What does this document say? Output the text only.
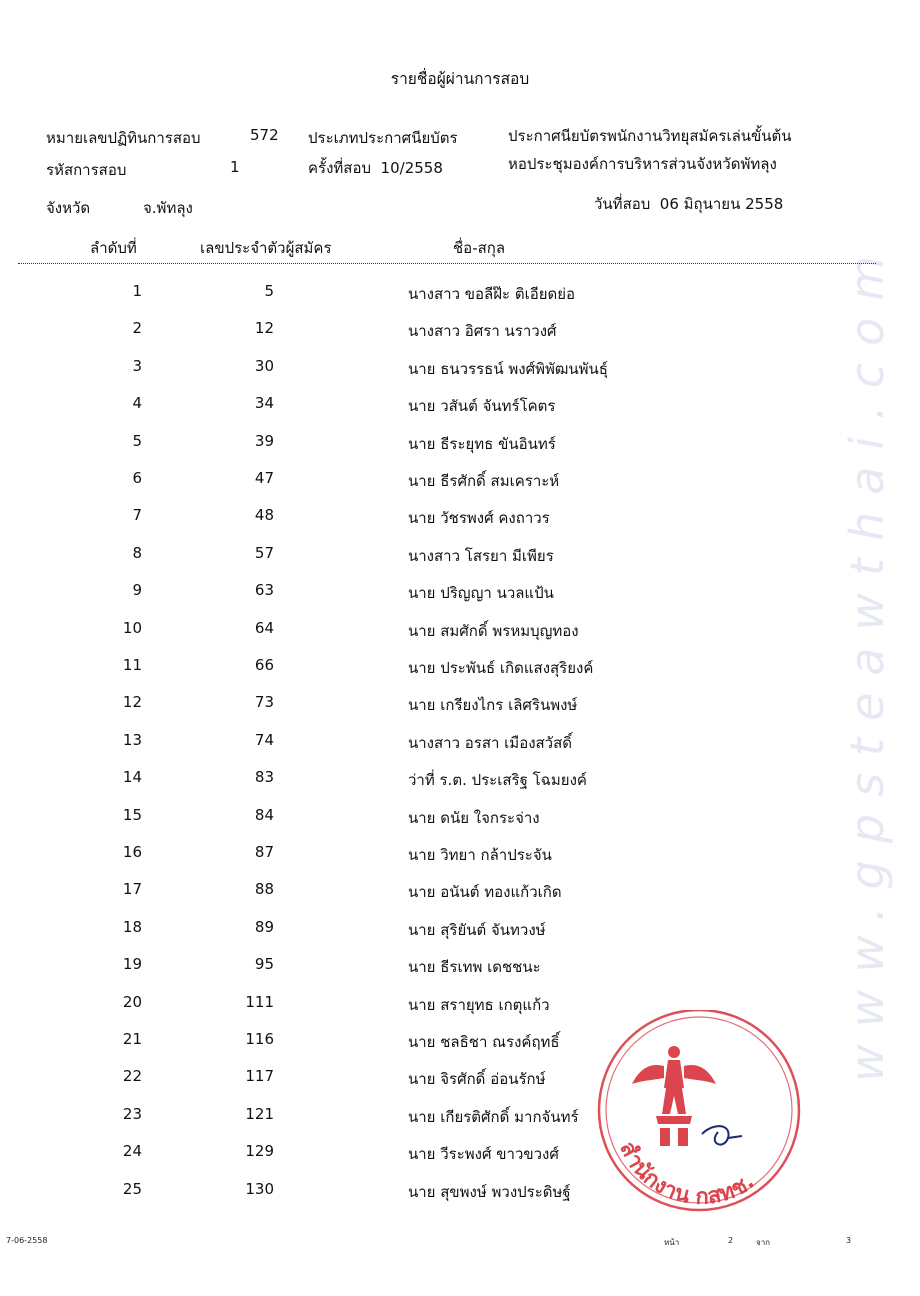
www.gpsteawthai.com
รายชื่อผู้ผ่านการสอบ
หมายเลขปฏิทินการสอบ	572 ประเภทประกาศนียบัตร	ประกาศนียบัตรพนักงานวิทยุสมัครเล่นขั้นต้น
รหัสการสอบ	1	ครั้งที่สอบ 10/2558	หอประชุมองค์การบริหารส่วนจังหวัดพัทลุง
จังหวัด	จ.พัทลุง	วันที่สอบ 06 มิถุนายน 2558
ลำดับที่	เลขประจำตัวผู้สมัคร	ชื่อ-สกุล
1	5	นางสาว ขอลีฝ๊ะ ติเอียดย่อ
2	12	นางสาว อิศรา นราวงศ์
3	30	นาย ธนวรรธน์ พงศ์พิพัฒนพันธุ์
4	34	นาย วสันต์ จันทร์โคตร
5	39	นาย ธีระยุทธ ขันอินทร์
6	47	นาย ธีรศักดิ์ สมเคราะห์
7	48	นาย วัชรพงศ์ คงถาวร
8	57	นางสาว โสรยา มีเพียร
9	63	นาย ปริญญา นวลแป้น
10	64	นาย สมศักดิ์ พรหมบุญทอง
11	66	นาย ประพันธ์ เกิดแสงสุริยงค์
12	73	นาย เกรียงไกร เลิศรินพงษ์
13	74	นางสาว อรสา เมืองสวัสดิ์
14	83	ว่าที่ ร.ต. ประเสริฐ โฉมยงค์
15	84	นาย ดนัย ใจกระจ่าง
16	87	นาย วิทยา กล้าประจัน
17	88	นาย อนันต์ ทองแก้วเกิด
18	89	นาย สุริยันต์ จันทวงษ์
19	95	นาย ธีรเทพ เดชชนะ
20	111	นาย สรายุทธ เกตุแก้ว
21	116	นาย ชลธิชา ณรงค์ฤทธิ์
22	117	นาย จิรศักดิ์ อ่อนรักษ์
23	121	นาย เกียรติศักดิ์ มากจันทร์
24	129	นาย วีระพงศ์ ขาวขวงศ์
25	130	นาย สุขพงษ์ พวงประดิษฐ์
สำนักงาน กสทช.
7-06-2558	หน้า	2	จาก	3
